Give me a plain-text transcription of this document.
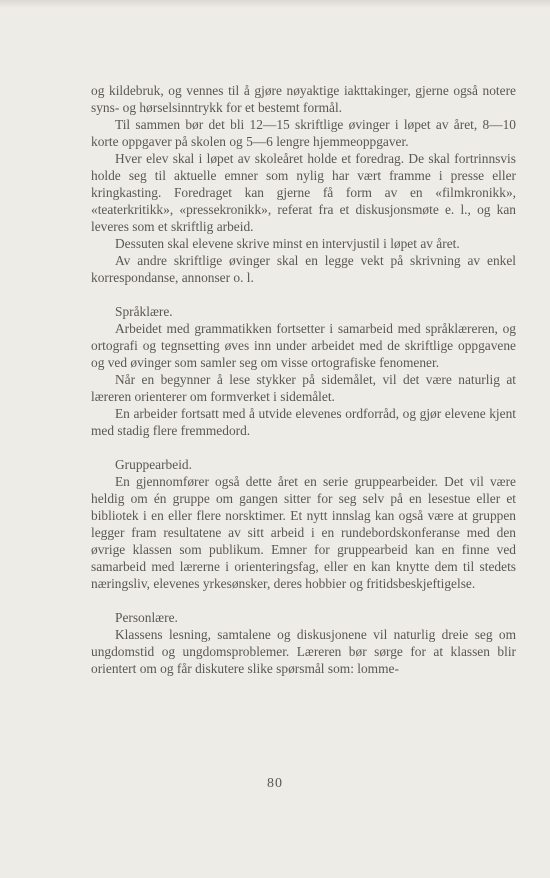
og kildebruk, og vennes til å gjøre nøyaktige iakttakinger, gjerne også notere syns- og hørselsinntrykk for et bestemt formål.

Til sammen bør det bli 12—15 skriftlige øvinger i løpet av året, 8—10 korte oppgaver på skolen og 5—6 lengre hjemmeoppgaver.

Hver elev skal i løpet av skoleåret holde et foredrag. De skal fortrinnsvis holde seg til aktuelle emner som nylig har vært framme i presse eller kringkasting. Foredraget kan gjerne få form av en «filmkronikk», «teaterkritikk», «pressekronikk», referat fra et diskusjonsmøte e. l., og kan leveres som et skriftlig arbeid.

Dessuten skal elevene skrive minst en intervjustil i løpet av året.

Av andre skriftlige øvinger skal en legge vekt på skrivning av enkel korrespondanse, annonser o. l.

Språklære.

Arbeidet med grammatikken fortsetter i samarbeid med språklæreren, og ortografi og tegnsetting øves inn under arbeidet med de skriftlige oppgavene og ved øvinger som samler seg om visse ortografiske fenomener.

Når en begynner å lese stykker på sidemålet, vil det være naturlig at læreren orienterer om formverket i sidemålet.

En arbeider fortsatt med å utvide elevenes ordforråd, og gjør elevene kjent med stadig flere fremmedord.

Gruppearbeid.

En gjennomfører også dette året en serie gruppearbeider. Det vil være heldig om én gruppe om gangen sitter for seg selv på en lesestue eller et bibliotek i en eller flere norsktimer. Et nytt innslag kan også være at gruppen legger fram resultatene av sitt arbeid i en rundebordskonferanse med den øvrige klassen som publikum. Emner for gruppearbeid kan en finne ved samarbeid med lærerne i orienteringsfag, eller en kan knytte dem til stedets næringsliv, elevenes yrkesønsker, deres hobbier og fritidsbeskjeftigelse.

Personlære.

Klassens lesning, samtalene og diskusjonene vil naturlig dreie seg om ungdomstid og ungdomsproblemer. Læreren bør sørge for at klassen blir orientert om og får diskutere slike spørsmål som: lomme-

80
